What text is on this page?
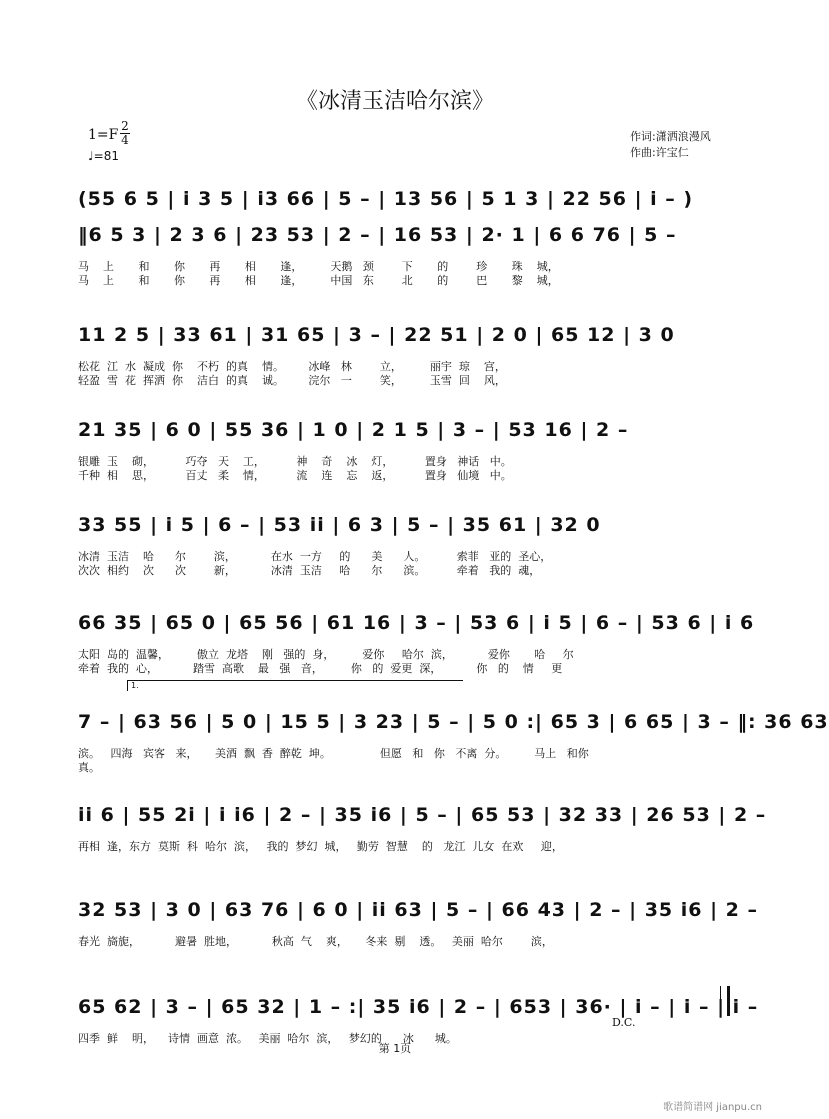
《冰清玉洁哈尔滨》
1=F
2
4
♩=81
作词:潇洒浪漫风
作曲:许宝仁
1.
(55 6 5 | i 3 5 | i3 66 | 5 – | 13 56 | 5 1 3 | 22 56 | i – )
‖6 5 3 | 2 3 6 | 23 53 | 2 – | 16 53 | 2· 1 | 6 6 76 | 5 –
马    上       和       你       再       相       逢，        天鹅   颈        下       的        珍       珠    城，
马    上       和       你       再       相       逢，        中国   东        北       的        巴       黎    城，
11 2 5 | 33 61 | 31 65 | 3 – | 22 51 | 2 0 | 65 12 | 3 0
松花  江  水  凝成  你    不朽  的真    情。       冰峰   林        立，        丽宇  琼    宫，
轻盈  雪  花  挥洒  你    洁白  的真    诚。       浣尔   一        笑，        玉雪  回    风，
21 35 | 6 0 | 55 36 | 1 0 | 2 1 5 | 3 – | 53 16 | 2 –
银雕  玉    砌，         巧夺   天    工，         神    奇    冰    灯，         置身   神话   中。
千种  相    思，         百丈   柔    情，         流    连    忘    返，         置身   仙境   中。
33 55 | i 5 | 6 – | 53 ii | 6 3 | 5 – | 35 61 | 32 0
冰清  玉洁    哈      尔        滨，          在水  一方     的      美      人。         索菲   亚的  圣心，
次次  相约    次      次        新，          冰清  玉洁     哈      尔      滨。         牵着   我的  魂，
66 35 | 65 0 | 65 56 | 61 16 | 3 – | 53 6 | i 5 | 6 – | 53 6 | i 6
太阳  岛的  温馨，        傲立  龙塔    刚   强的  身，        爱你     哈尔  滨，          爱你       哈     尔
牵着  我的  心，          踏雪  高歌    最   强   音，        你   的  爱更  深，          你   的    情     更
7 – | 63 56 | 5 0 | 15 5 | 3 23 | 5 – | 5 0 :| 65 3 | 6 65 | 3 – ‖: 36 63
滨。   四海   宾客   来，     美酒  飘  香  醉乾  坤。              但愿   和   你   不离  分。        马上   和你
真。
ii 6 | 55 2i | i i6 | 2 – | 35 i6 | 5 – | 65 53 | 32 33 | 26 53 | 2 –
再相  逢，东方  莫斯  科  哈尔  滨，   我的  梦幻  城，   勤劳  智慧    的   龙江  儿女  在欢     迎，
32 53 | 3 0 | 63 76 | 6 0 | ii 63 | 5 – | 66 43 | 2 – | 35 i6 | 2 –
春光  旖旎，          避暑  胜地，          秋高  气    爽，     冬来  剔    透。   美丽  哈尔        滨，
65 62 | 3 – | 65 32 | 1 – :| 35 i6 | 2 – | 653 | 36· | i – | i – | i –
四季  鲜    明，    诗情  画意  浓。   美丽  哈尔  滨，   梦幻的      冰      城。
D.C.
第 1页
歌谱简谱网 jianpu.cn
